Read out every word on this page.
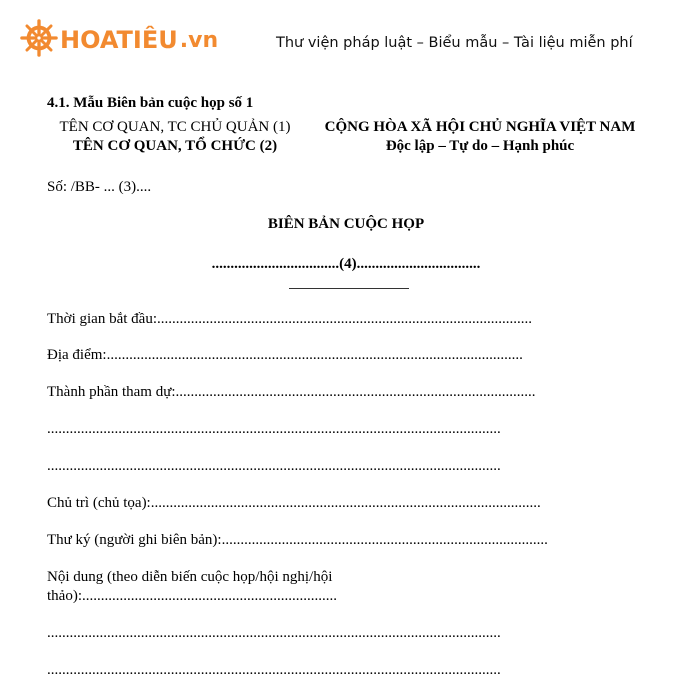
HOATIÊU .vn	Thư viện pháp luật – Biểu mẫu – Tài liệu miễn phí
4.1. Mẫu Biên bản cuộc họp số 1
TÊN CƠ QUAN, TC CHỦ QUẢN (1)
TÊN CƠ QUAN, TỔ CHỨC (2)
CỘNG HÒA XÃ HỘI CHỦ NGHĨA VIỆT NAM
Độc lập – Tự do – Hạnh phúc
Số: /BB- ... (3)....
BIÊN BẢN CUỘC HỌP
..................................(4).................................
Thời gian bắt đầu:....................................................................................................
Địa điểm:...............................................................................................................
Thành phần tham dự:................................................................................................
.........................................................................................................................
.........................................................................................................................
Chủ trì (chủ tọa):........................................................................................................
Thư ký (người ghi biên bản):.......................................................................................
Nội dung (theo diễn biến cuộc họp/hội nghị/hội
thảo):....................................................................
.........................................................................................................................
.........................................................................................................................
